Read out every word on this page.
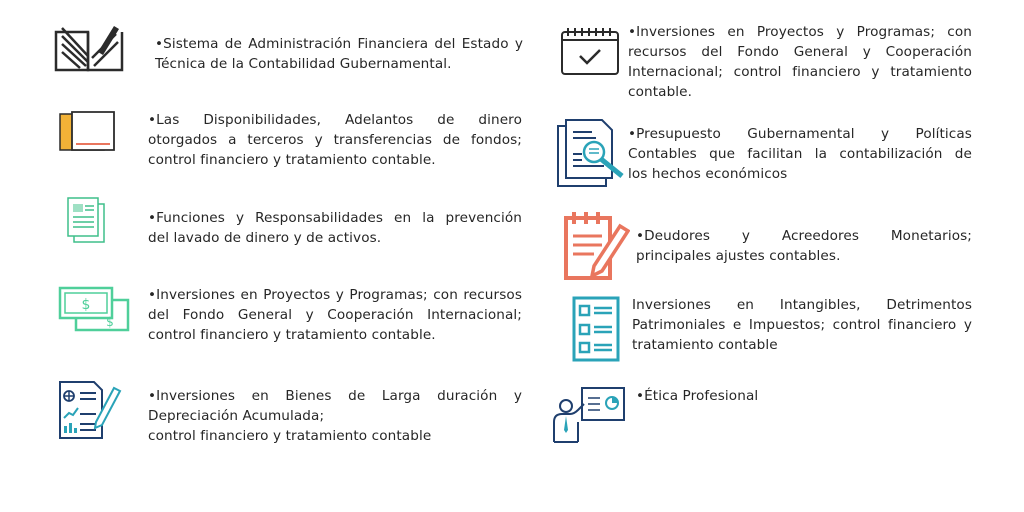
•Sistema de Administración Financiera del Estado y
Técnica de la Contabilidad Gubernamental.
•Las Disponibilidades, Adelantos de dinero
otorgados a terceros y transferencias de fondos;
control financiero y tratamiento contable.
•Funciones y Responsabilidades en la prevención
del lavado de dinero y de activos.
$
$
•Inversiones en Proyectos y Programas; con recursos
del Fondo General y Cooperación Internacional;
control financiero y tratamiento contable.
•Inversiones en Bienes de Larga duración y
Depreciación Acumulada;
control financiero y tratamiento contable
•Inversiones en Proyectos y Programas; con
recursos del Fondo General y Cooperación
Internacional; control financiero y tratamiento
contable.
•Presupuesto Gubernamental y Políticas
Contables que facilitan la contabilización de
los hechos económicos
•Deudores y Acreedores Monetarios;
principales ajustes contables.
Inversiones en Intangibles, Detrimentos
Patrimoniales e Impuestos; control financiero y
tratamiento contable
•Ética Profesional
